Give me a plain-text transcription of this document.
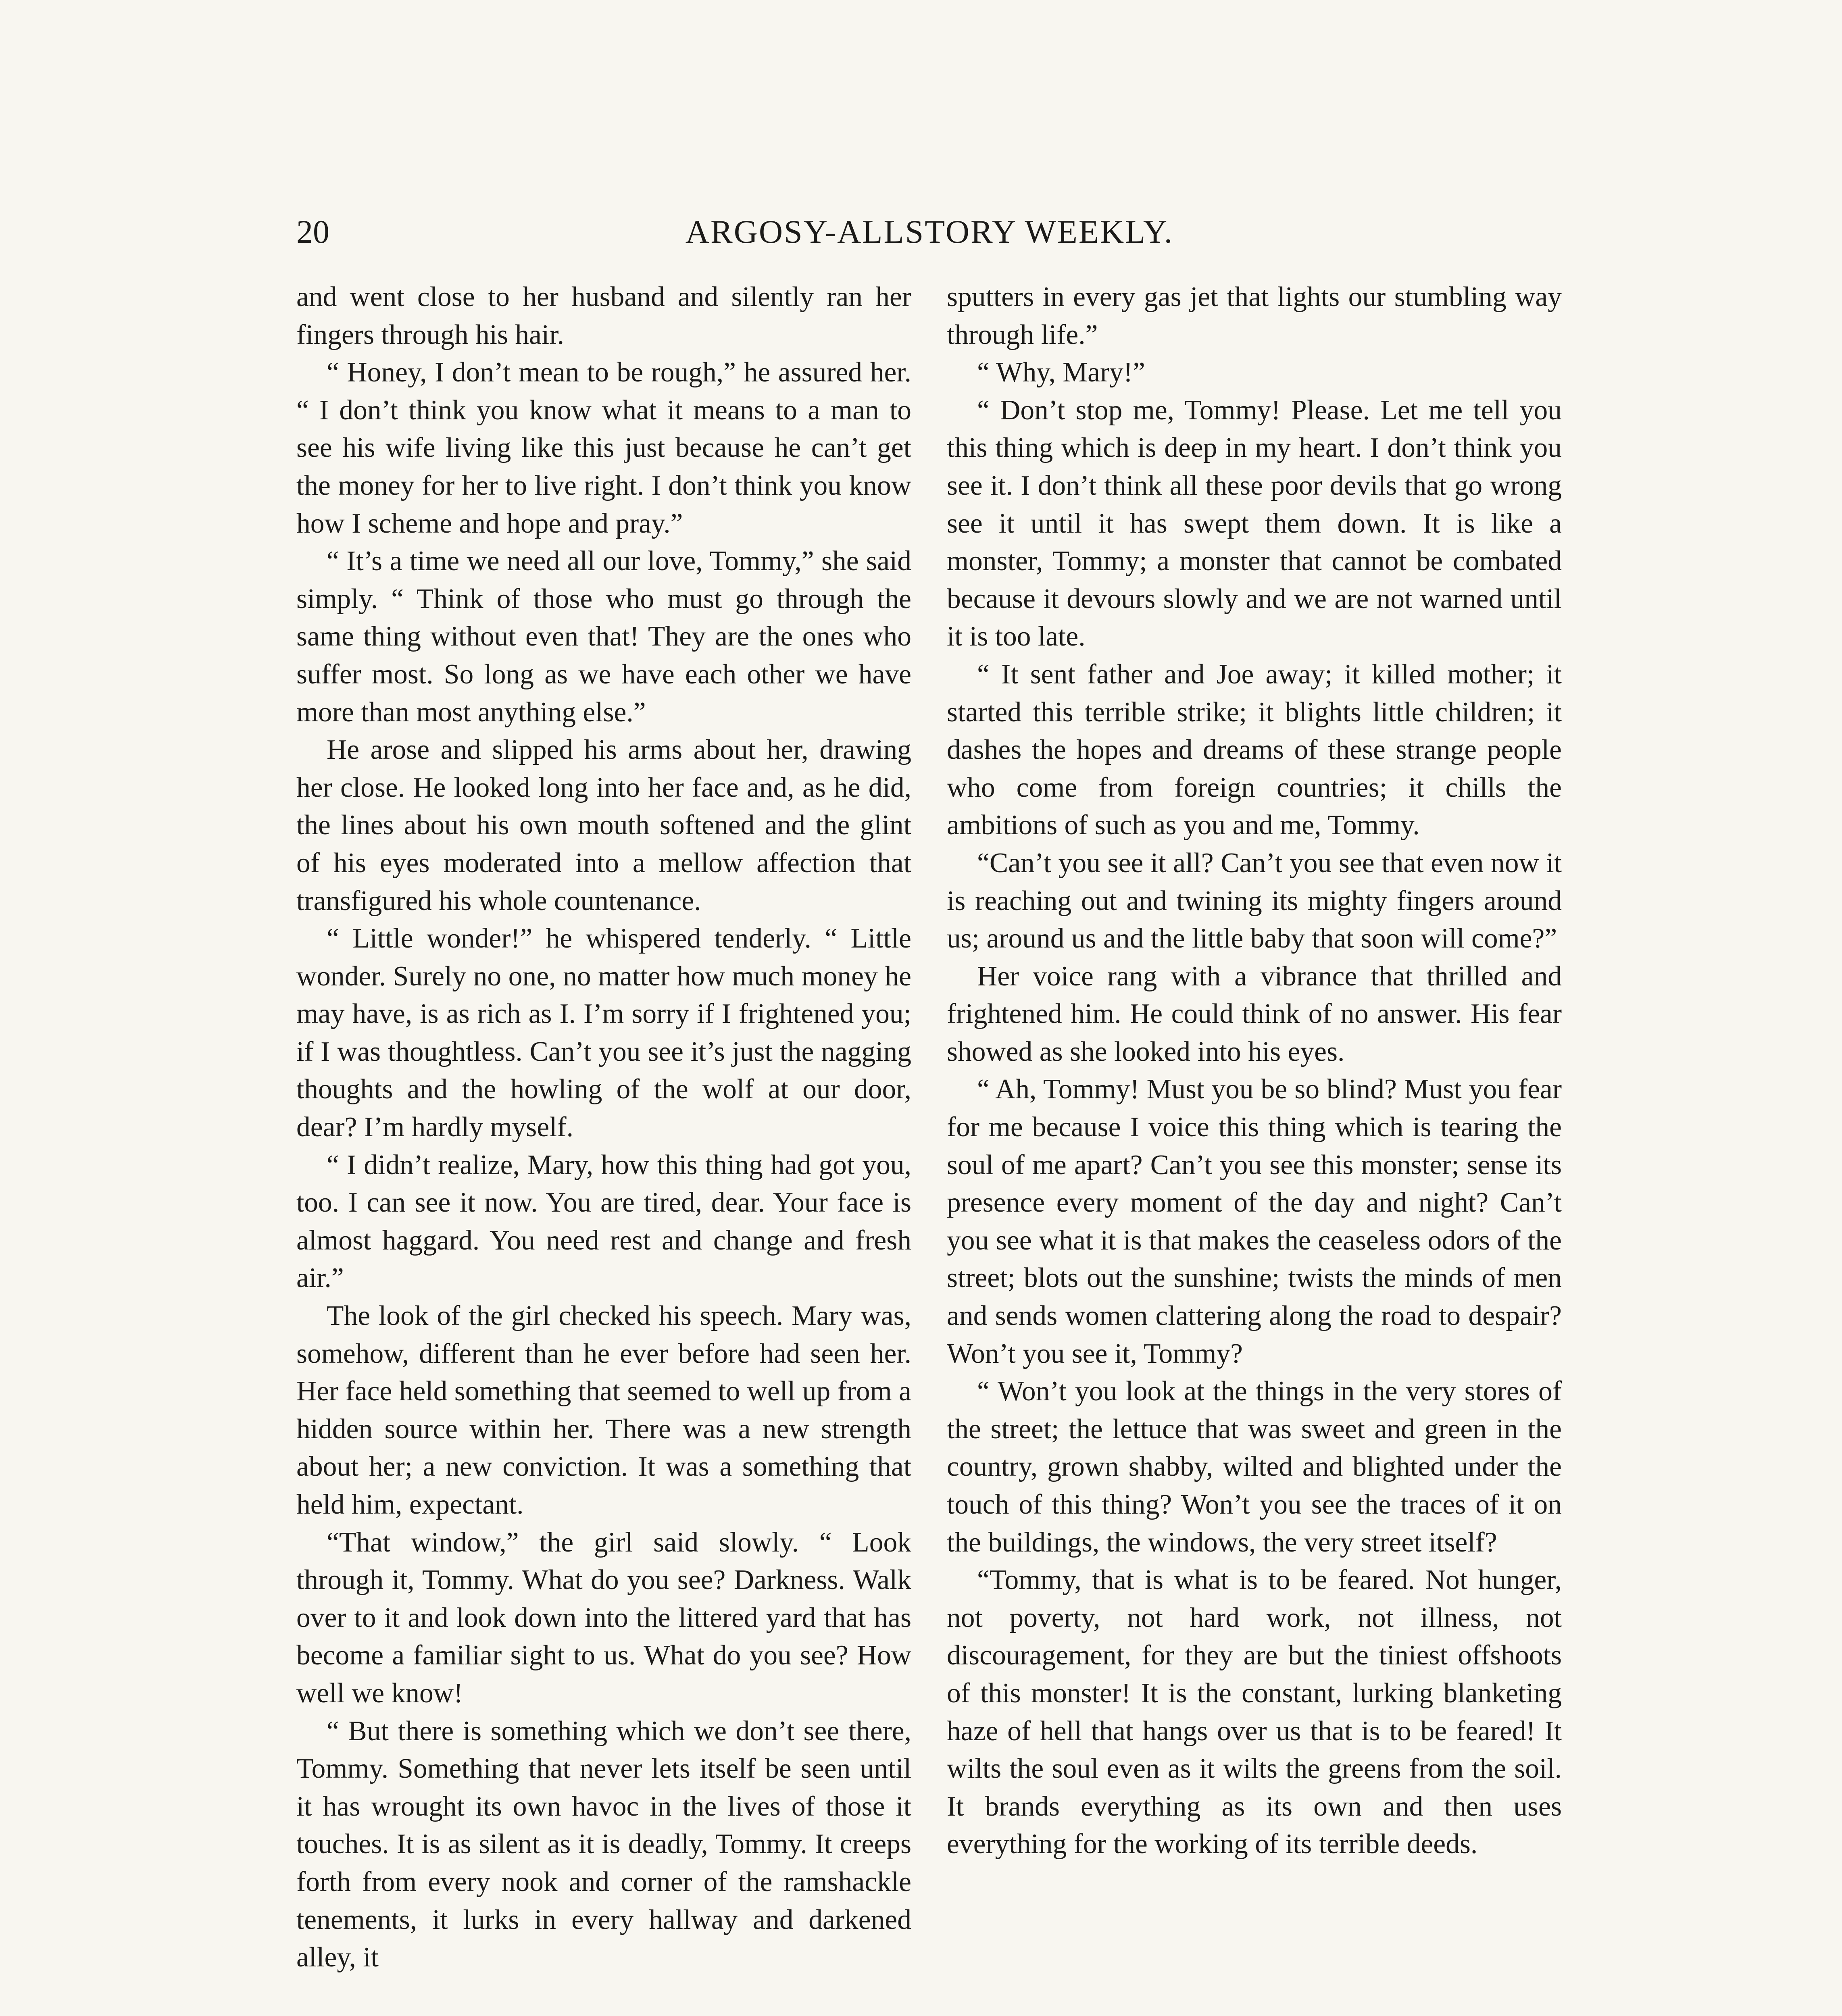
20	ARGOSY-ALLSTORY WEEKLY.

and went close to her husband and silently ran her fingers through his hair.

“ Honey, I don’t mean to be rough,” he assured her. “ I don’t think you know what it means to a man to see his wife living like this just because he can’t get the money for her to live right. I don’t think you know how I scheme and hope and pray.”

“ It’s a time we need all our love, Tommy,” she said simply. “ Think of those who must go through the same thing without even that! They are the ones who suffer most. So long as we have each other we have more than most anything else.”

He arose and slipped his arms about her, drawing her close. He looked long into her face and, as he did, the lines about his own mouth softened and the glint of his eyes moderated into a mellow affection that transfigured his whole countenance.

“ Little wonder!” he whispered tenderly. “ Little wonder. Surely no one, no matter how much money he may have, is as rich as I. I’m sorry if I frightened you; if I was thoughtless. Can’t you see it’s just the nagging thoughts and the howling of the wolf at our door, dear? I’m hardly myself.

“ I didn’t realize, Mary, how this thing had got you, too. I can see it now. You are tired, dear. Your face is almost haggard. You need rest and change and fresh air.”

The look of the girl checked his speech. Mary was, somehow, different than he ever before had seen her. Her face held something that seemed to well up from a hidden source within her. There was a new strength about her; a new conviction. It was a something that held him, expectant.

“That window,” the girl said slowly. “ Look through it, Tommy. What do you see? Darkness. Walk over to it and look down into the littered yard that has become a familiar sight to us. What do you see? How well we know!

“ But there is something which we don’t see there, Tommy. Something that never lets itself be seen until it has wrought its own havoc in the lives of those it touches. It is as silent as it is deadly, Tommy. It creeps forth from every nook and corner of the ramshackle tenements, it lurks in every hallway and darkened alley, it

sputters in every gas jet that lights our stumbling way through life.”

“ Why, Mary!”

“ Don’t stop me, Tommy! Please. Let me tell you this thing which is deep in my heart. I don’t think you see it. I don’t think all these poor devils that go wrong see it until it has swept them down. It is like a monster, Tommy; a monster that cannot be combated because it devours slowly and we are not warned until it is too late.

“ It sent father and Joe away; it killed mother; it started this terrible strike; it blights little children; it dashes the hopes and dreams of these strange people who come from foreign countries; it chills the ambitions of such as you and me, Tommy.

“Can’t you see it all? Can’t you see that even now it is reaching out and twining its mighty fingers around us; around us and the little baby that soon will come?”

Her voice rang with a vibrance that thrilled and frightened him. He could think of no answer. His fear showed as she looked into his eyes.

“ Ah, Tommy! Must you be so blind? Must you fear for me because I voice this thing which is tearing the soul of me apart? Can’t you see this monster; sense its presence every moment of the day and night? Can’t you see what it is that makes the ceaseless odors of the street; blots out the sunshine; twists the minds of men and sends women clattering along the road to despair? Won’t you see it, Tommy?

“ Won’t you look at the things in the very stores of the street; the lettuce that was sweet and green in the country, grown shabby, wilted and blighted under the touch of this thing? Won’t you see the traces of it on the buildings, the windows, the very street itself?

“Tommy, that is what is to be feared. Not hunger, not poverty, not hard work, not illness, not discouragement, for they are but the tiniest offshoots of this monster! It is the constant, lurking blanketing haze of hell that hangs over us that is to be feared! It wilts the soul even as it wilts the greens from the soil. It brands everything as its own and then uses everything for the working of its terrible deeds.
